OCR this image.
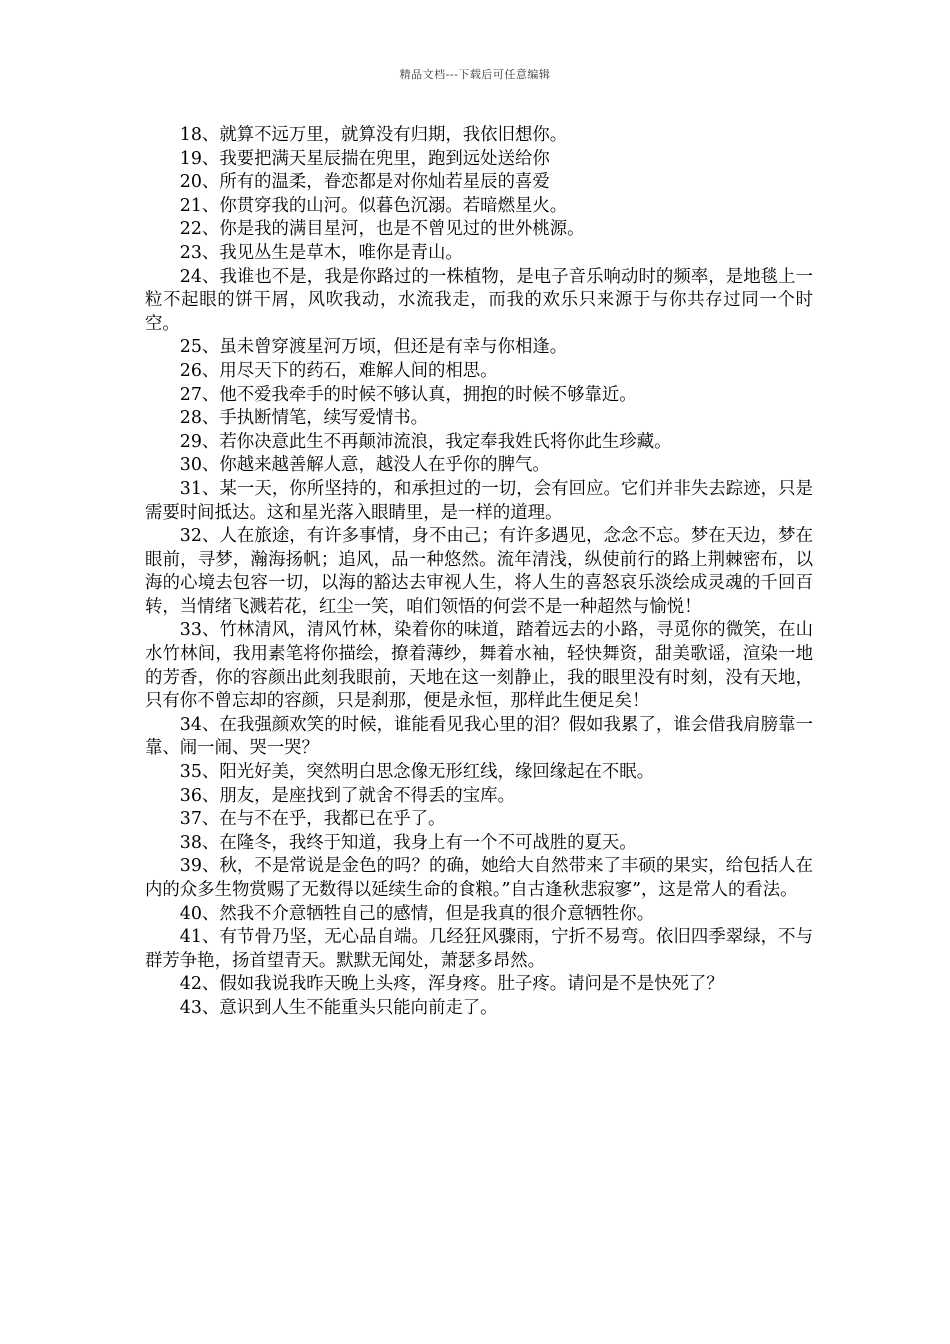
精品文档---下载后可任意编辑

18、就算不远万里，就算没有归期，我依旧想你。

19、我要把满天星辰揣在兜里，跑到远处送给你

20、所有的温柔，眷恋都是对你灿若星辰的喜爱

21、你贯穿我的山河。似暮色沉溺。若暗燃星火。

22、你是我的满目星河，也是不曾见过的世外桃源。

23、我见丛生是草木，唯你是青山。

24、我谁也不是，我是你路过的一株植物，是电子音乐响动时的频率，是地毯上一粒不起眼的饼干屑，风吹我动，水流我走，而我的欢乐只来源于与你共存过同一个时空。

25、虽未曾穿渡星河万顷，但还是有幸与你相逢。

26、用尽天下的药石，难解人间的相思。

27、他不爱我牵手的时候不够认真，拥抱的时候不够靠近。

28、手执断情笔，续写爱情书。

29、若你决意此生不再颠沛流浪，我定奉我姓氏将你此生珍藏。

30、你越来越善解人意，越没人在乎你的脾气。

31、某一天，你所坚持的，和承担过的一切，会有回应。它们并非失去踪迹，只是需要时间抵达。这和星光落入眼睛里，是一样的道理。

32、人在旅途，有许多事情，身不由己；有许多遇见，念念不忘。梦在天边，梦在眼前，寻梦，瀚海扬帆；追风，品一种悠然。流年清浅，纵使前行的路上荆棘密布，以海的心境去包容一切，以海的豁达去审视人生，将人生的喜怒哀乐淡绘成灵魂的千回百转，当情绪飞溅若花，红尘一笑，咱们领悟的何尝不是一种超然与愉悦！

33、竹林清风，清风竹林，染着你的味道，踏着远去的小路，寻觅你的微笑，在山水竹林间，我用素笔将你描绘，撩着薄纱，舞着水袖，轻快舞资，甜美歌谣，渲染一地的芳香，你的容颜出此刻我眼前，天地在这一刻静止，我的眼里没有时刻，没有天地，只有你不曾忘却的容颜，只是刹那，便是永恒，那样此生便足矣！

34、在我强颜欢笑的时候，谁能看见我心里的泪？假如我累了，谁会借我肩膀靠一靠、闹一闹、哭一哭？

35、阳光好美，突然明白思念像无形红线，缘回缘起在不眠。

36、朋友，是座找到了就舍不得丢的宝库。

37、在与不在乎，我都已在乎了。

38、在隆冬，我终于知道，我身上有一个不可战胜的夏天。

39、秋，不是常说是金色的吗？的确，她给大自然带来了丰硕的果实，给包括人在内的众多生物赏赐了无数得以延续生命的食粮。”自古逢秋悲寂寥”，这是常人的看法。

40、然我不介意牺牲自己的感情，但是我真的很介意牺牲你。

41、有节骨乃坚，无心品自端。几经狂风骤雨，宁折不易弯。依旧四季翠绿，不与群芳争艳，扬首望青天。默默无闻处，萧瑟多昂然。

42、假如我说我昨天晚上头疼，浑身疼。肚子疼。请问是不是快死了？

43、意识到人生不能重头只能向前走了。
